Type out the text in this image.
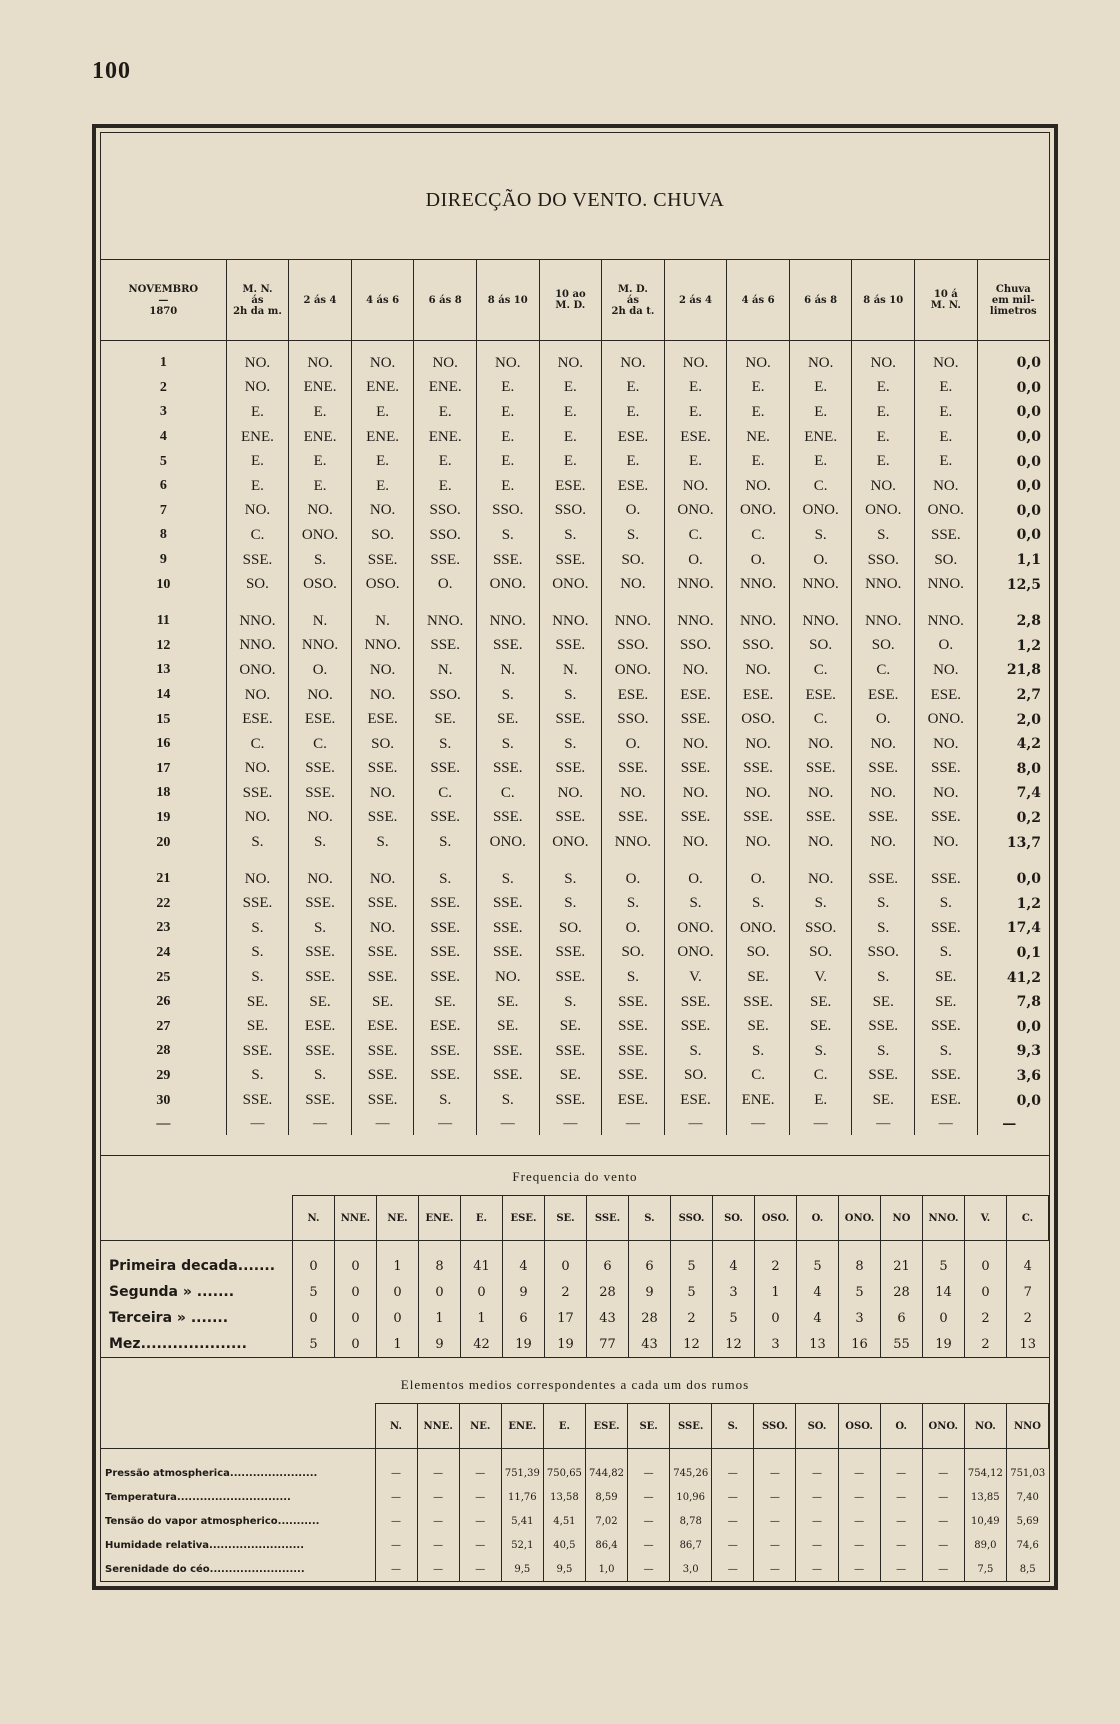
100
DIRECÇÃO DO VENTO. CHUVA
NOVEMBRO
—
1870	M. N.
ás
2h da m.	2 ás 4	4 ás 6	6 ás 8	8 ás 10	10 ao
M. D.	M. D.
ás
2h da t.	2 ás 4	4 ás 6	6 ás 8	8 ás 10	10 á
M. N.	Chuva
em mil-
limetros

1	NO.	NO.	NO.	NO.	NO.	NO.	NO.	NO.	NO.	NO.	NO.	NO.	0,0
2	NO.	ENE.	ENE.	ENE.	E.	E.	E.	E.	E.	E.	E.	E.	0,0
3	E.	E.	E.	E.	E.	E.	E.	E.	E.	E.	E.	E.	0,0
4	ENE.	ENE.	ENE.	ENE.	E.	E.	ESE.	ESE.	NE.	ENE.	E.	E.	0,0
5	E.	E.	E.	E.	E.	E.	E.	E.	E.	E.	E.	E.	0,0
6	E.	E.	E.	E.	E.	ESE.	ESE.	NO.	NO.	C.	NO.	NO.	0,0
7	NO.	NO.	NO.	SSO.	SSO.	SSO.	O.	ONO.	ONO.	ONO.	ONO.	ONO.	0,0
8	C.	ONO.	SO.	SSO.	S.	S.	S.	C.	C.	S.	S.	SSE.	0,0
9	SSE.	S.	SSE.	SSE.	SSE.	SSE.	SO.	O.	O.	O.	SSO.	SO.	1,1
10	SO.	OSO.	OSO.	O.	ONO.	ONO.	NO.	NNO.	NNO.	NNO.	NNO.	NNO.	12,5

11	NNO.	N.	N.	NNO.	NNO.	NNO.	NNO.	NNO.	NNO.	NNO.	NNO.	NNO.	2,8
12	NNO.	NNO.	NNO.	SSE.	SSE.	SSE.	SSO.	SSO.	SSO.	SO.	SO.	O.	1,2
13	ONO.	O.	NO.	N.	N.	N.	ONO.	NO.	NO.	C.	C.	NO.	21,8
14	NO.	NO.	NO.	SSO.	S.	S.	ESE.	ESE.	ESE.	ESE.	ESE.	ESE.	2,7
15	ESE.	ESE.	ESE.	SE.	SE.	SSE.	SSO.	SSE.	OSO.	C.	O.	ONO.	2,0
16	C.	C.	SO.	S.	S.	S.	O.	NO.	NO.	NO.	NO.	NO.	4,2
17	NO.	SSE.	SSE.	SSE.	SSE.	SSE.	SSE.	SSE.	SSE.	SSE.	SSE.	SSE.	8,0
18	SSE.	SSE.	NO.	C.	C.	NO.	NO.	NO.	NO.	NO.	NO.	NO.	7,4
19	NO.	NO.	SSE.	SSE.	SSE.	SSE.	SSE.	SSE.	SSE.	SSE.	SSE.	SSE.	0,2
20	S.	S.	S.	S.	ONO.	ONO.	NNO.	NO.	NO.	NO.	NO.	NO.	13,7

21	NO.	NO.	NO.	S.	S.	S.	O.	O.	O.	NO.	SSE.	SSE.	0,0
22	SSE.	SSE.	SSE.	SSE.	SSE.	S.	S.	S.	S.	S.	S.	S.	1,2
23	S.	S.	NO.	SSE.	SSE.	SO.	O.	ONO.	ONO.	SSO.	S.	SSE.	17,4
24	S.	SSE.	SSE.	SSE.	SSE.	SSE.	SO.	ONO.	SO.	SO.	SSO.	S.	0,1
25	S.	SSE.	SSE.	SSE.	NO.	SSE.	S.	V.	SE.	V.	S.	SE.	41,2
26	SE.	SE.	SE.	SE.	SE.	S.	SSE.	SSE.	SSE.	SE.	SE.	SE.	7,8
27	SE.	ESE.	ESE.	ESE.	SE.	SE.	SSE.	SSE.	SE.	SE.	SSE.	SSE.	0,0
28	SSE.	SSE.	SSE.	SSE.	SSE.	SSE.	SSE.	S.	S.	S.	S.	S.	9,3
29	S.	S.	SSE.	SSE.	SSE.	SE.	SSE.	SO.	C.	C.	SSE.	SSE.	3,6
30	SSE.	SSE.	SSE.	S.	S.	SSE.	ESE.	ESE.	ENE.	E.	SE.	ESE.	0,0
—	—	—	—	—	—	—	—	—	—	—	—	—	—
Frequencia do vento
	N.	NNE.	NE.	ENE.	E.	ESE.	SE.	SSE.	S.	SSO.	SO.	OSO.	O.	ONO.	NO	NNO.	V.	C.

Primeira decada.......	0	0	1	8	41	4	0	6	6	5	4	2	5	8	21	5	0	4
Segunda » .......	5	0	0	0	0	9	2	28	9	5	3	1	4	5	28	14	0	7
Terceira » .......	0	0	0	1	1	6	17	43	28	2	5	0	4	3	6	0	2	2
Mez....................	5	0	1	9	42	19	19	77	43	12	12	3	13	16	55	19	2	13
Elementos medios correspondentes a cada um dos rumos
	N.	NNE.	NE.	ENE.	E.	ESE.	SE.	SSE.	S.	SSO.	SO.	OSO.	O.	ONO.	NO.	NNO

Pressão atmospherica.......................	—	—	—	751,39	750,65	744,82	—	745,26	—	—	—	—	—	—	754,12	751,03
Temperatura..............................	—	—	—	11,76	13,58	8,59	—	10,96	—	—	—	—	—	—	13,85	7,40
Tensão do vapor atmospherico...........	—	—	—	5,41	4,51	7,02	—	8,78	—	—	—	—	—	—	10,49	5,69
Humidade relativa.........................	—	—	—	52,1	40,5	86,4	—	86,7	—	—	—	—	—	—	89,0	74,6
Serenidade do céo.........................	—	—	—	9,5	9,5	1,0	—	3,0	—	—	—	—	—	—	7,5	8,5
